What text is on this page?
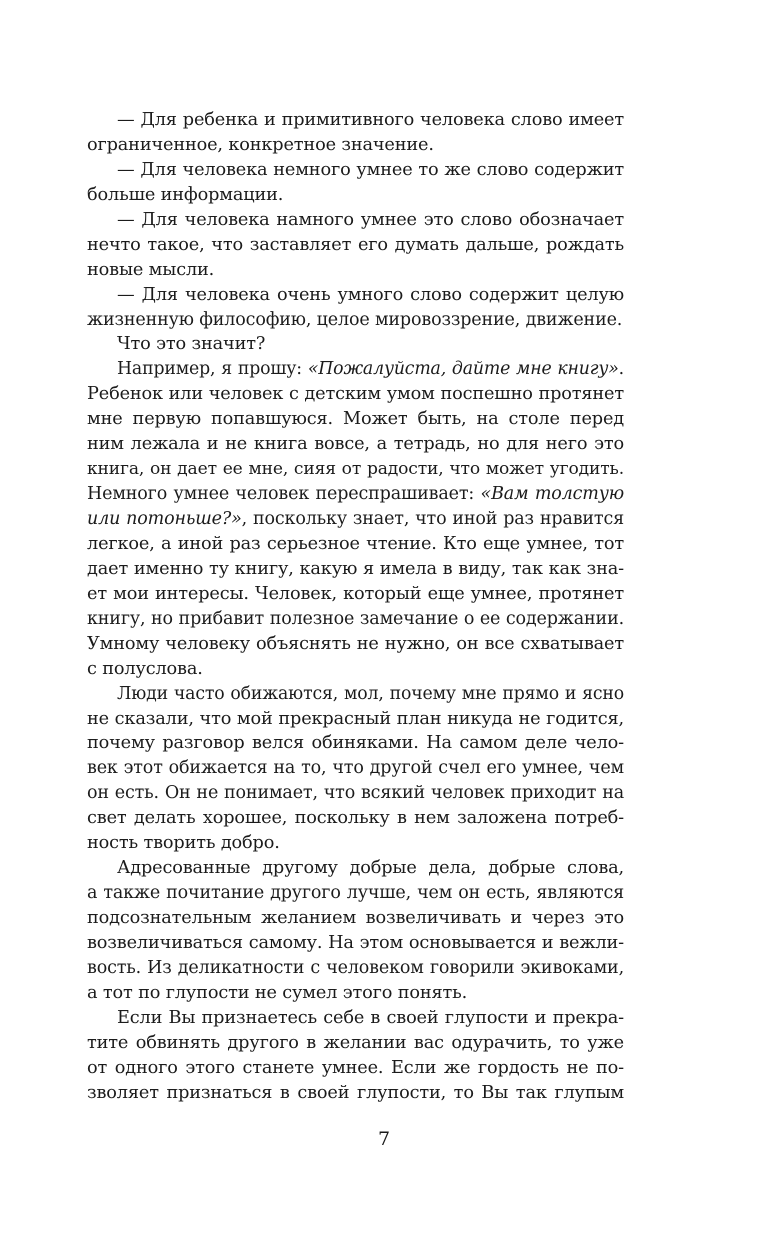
— Для ребенка и примитивного человека слово имеет
ограниченное, конкретное значение.
— Для человека немного умнее то же слово содержит
больше информации.
— Для человека намного умнее это слово обозначает
нечто такое, что заставляет его думать дальше, рождать
новые мысли.
— Для человека очень умного слово содержит целую
жизненную философию, целое мировоззрение, движение.
Что это значит?
Например, я прошу: «Пожалуйста, дайте мне книгу».
Ребенок или человек с детским умом поспешно протянет
мне первую попавшуюся. Может быть, на столе перед
ним лежала и не книга вовсе, а тетрадь, но для него это
книга, он дает ее мне, сияя от радости, что может угодить.
Немного умнее человек переспрашивает: «Вам толстую
или потоньше?», поскольку знает, что иной раз нравится
легкое, а иной раз серьезное чтение. Кто еще умнее, тот
дает именно ту книгу, какую я имела в виду, так как зна-
ет мои интересы. Человек, который еще умнее, протянет
книгу, но прибавит полезное замечание о ее содержании.
Умному человеку объяснять не нужно, он все схватывает
с полуслова.
Люди часто обижаются, мол, почему мне прямо и ясно
не сказали, что мой прекрасный план никуда не годится,
почему разговор велся обиняками. На самом деле чело-
век этот обижается на то, что другой счел его умнее, чем
он есть. Он не понимает, что всякий человек приходит на
свет делать хорошее, поскольку в нем заложена потреб-
ность творить добро.
Адресованные другому добрые дела, добрые слова,
а также почитание другого лучше, чем он есть, являются
подсознательным желанием возвеличивать и через это
возвеличиваться самому. На этом основывается и вежли-
вость. Из деликатности с человеком говорили экивоками,
а тот по глупости не сумел этого понять.
Если Вы признаетесь себе в своей глупости и прекра-
тите обвинять другого в желании вас одурачить, то уже
от одного этого станете умнее. Если же гордость не по-
зволяет признаться в своей глупости, то Вы так глупым
7
